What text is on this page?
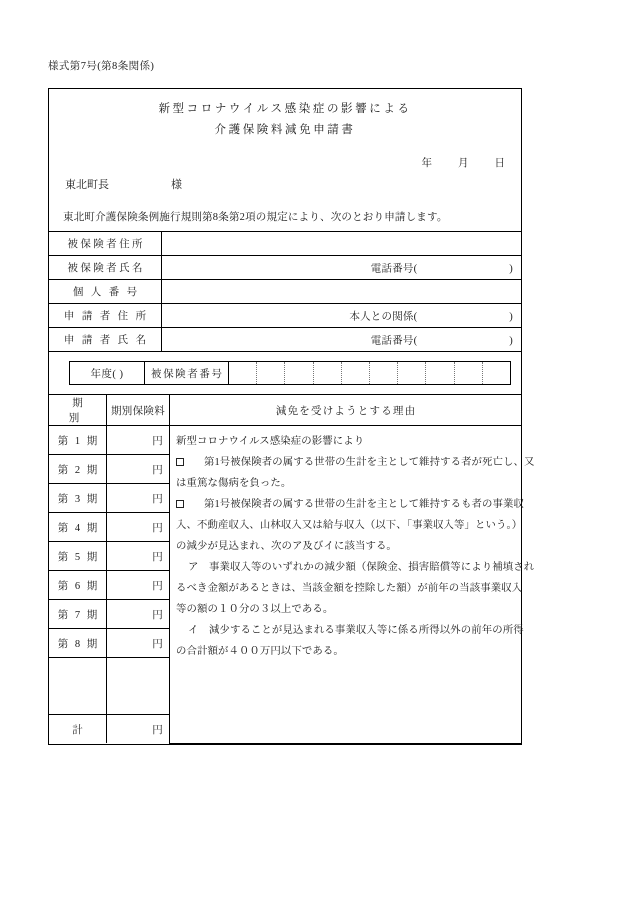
様式第7号(第8条関係)
新型コロナウイルス感染症の影響による
介護保険料減免申請書
年 月 日
東北町長	様
東北町介護保険条例施行規則第8条第2項の規定により、次のとおり申請します。
被保険者住所	
被保険者氏名	電話番号( )

個 人 番 号	
申 請 者 住 所	本人との関係( )

申 請 者 氏 名	電話番号( )
年度( )	被保険者番号										
期　別	期別保険料	減免を受けようとする理由
第 1 期	円	新型コロナウイルス感染症の影響により
第1号被保険者の属する世帯の生計を主として維持する者が死亡し、又
は重篤な傷病を負った。
第1号被保険者の属する世帯の生計を主として維持するも者の事業収
入、不動産収入、山林収入又は給与収入（以下、「事業収入等」という。）
の減少が見込まれ、次のア及びイに該当する。
ア　事業収入等のいずれかの減少額（保険金、損害賠償等により補填され
るべき金額があるときは、当該金額を控除した額）が前年の当該事業収入
等の額の１０分の３以上である。
イ　減少することが見込まれる事業収入等に係る所得以外の前年の所得
の合計額が４００万円以下である。

第 2 期	円	
第 3 期	円	
第 4 期	円	
第 5 期	円	
第 6 期	円	
第 7 期	円	
第 8 期	円	

計	円	
